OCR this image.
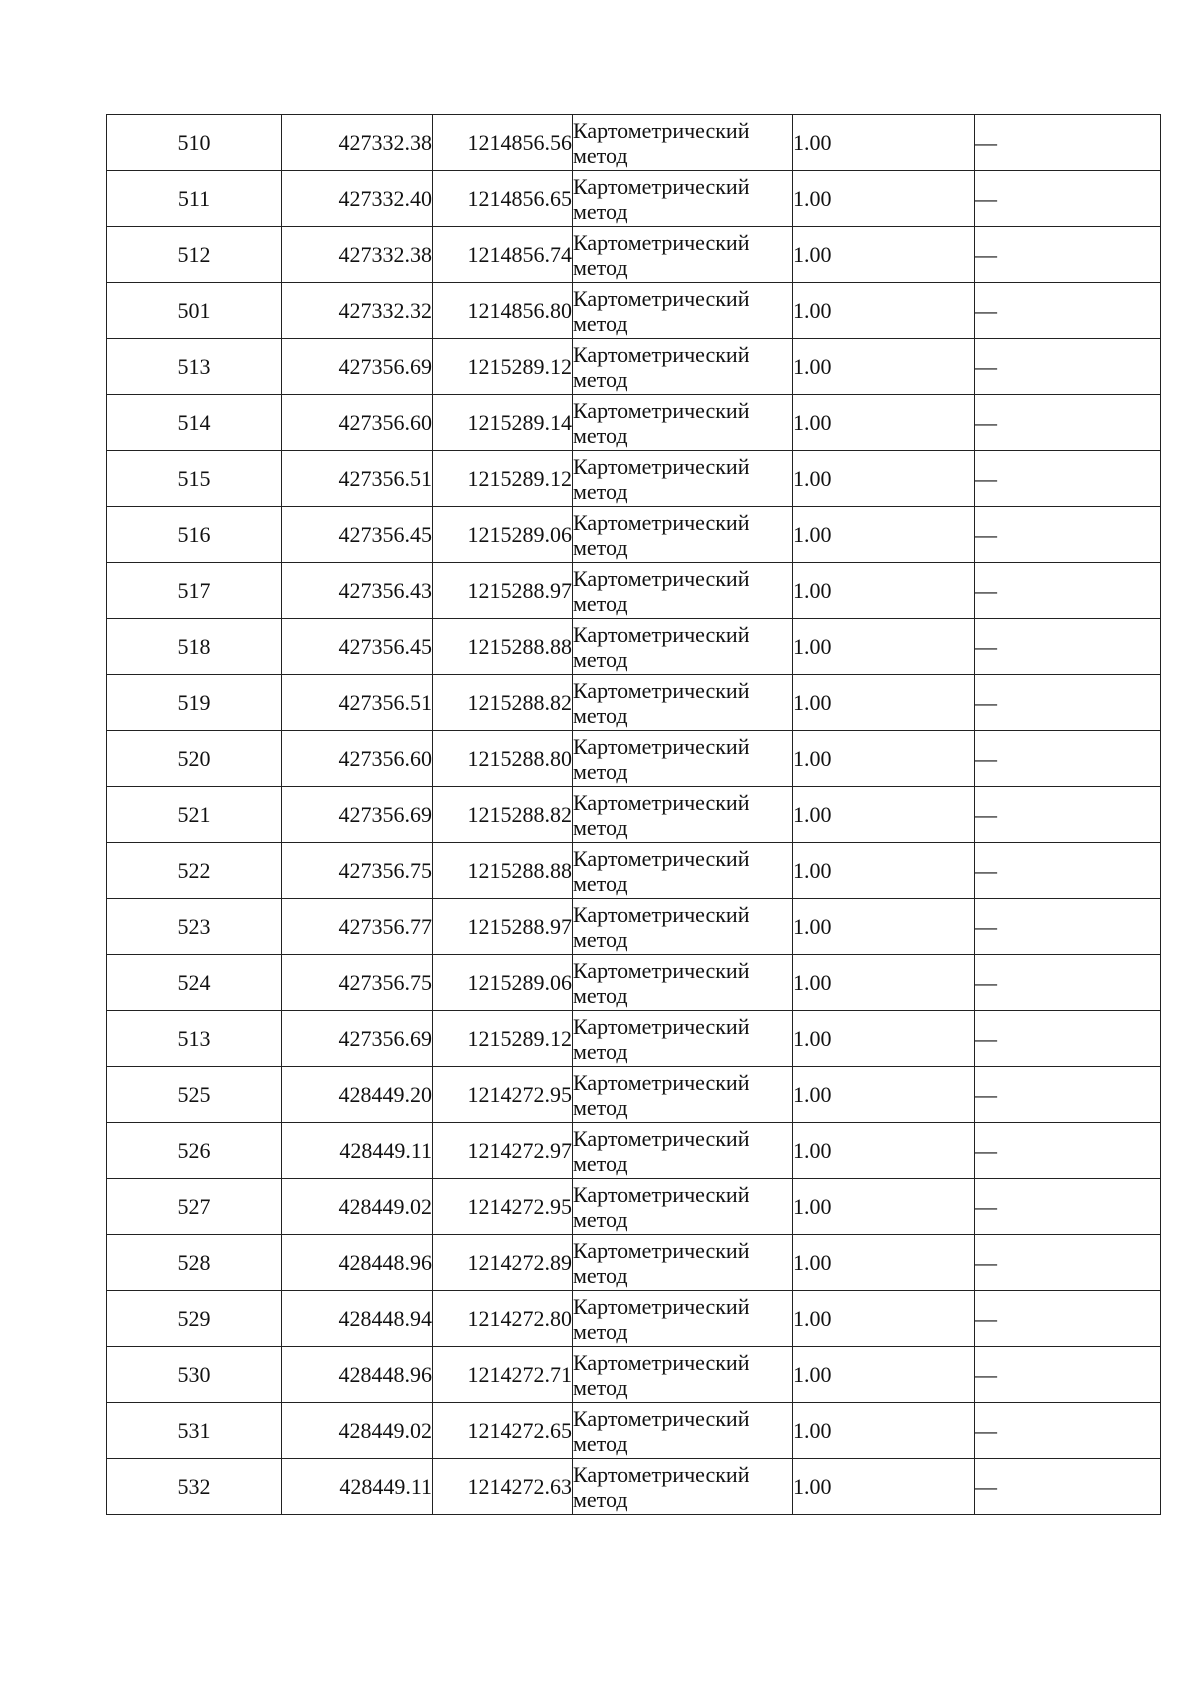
510	427332.38	1214856.56	Картометрический метод	1.00	—
511	427332.40	1214856.65	Картометрический метод	1.00	—
512	427332.38	1214856.74	Картометрический метод	1.00	—
501	427332.32	1214856.80	Картометрический метод	1.00	—
513	427356.69	1215289.12	Картометрический метод	1.00	—
514	427356.60	1215289.14	Картометрический метод	1.00	—
515	427356.51	1215289.12	Картометрический метод	1.00	—
516	427356.45	1215289.06	Картометрический метод	1.00	—
517	427356.43	1215288.97	Картометрический метод	1.00	—
518	427356.45	1215288.88	Картометрический метод	1.00	—
519	427356.51	1215288.82	Картометрический метод	1.00	—
520	427356.60	1215288.80	Картометрический метод	1.00	—
521	427356.69	1215288.82	Картометрический метод	1.00	—
522	427356.75	1215288.88	Картометрический метод	1.00	—
523	427356.77	1215288.97	Картометрический метод	1.00	—
524	427356.75	1215289.06	Картометрический метод	1.00	—
513	427356.69	1215289.12	Картометрический метод	1.00	—
525	428449.20	1214272.95	Картометрический метод	1.00	—
526	428449.11	1214272.97	Картометрический метод	1.00	—
527	428449.02	1214272.95	Картометрический метод	1.00	—
528	428448.96	1214272.89	Картометрический метод	1.00	—
529	428448.94	1214272.80	Картометрический метод	1.00	—
530	428448.96	1214272.71	Картометрический метод	1.00	—
531	428449.02	1214272.65	Картометрический метод	1.00	—
532	428449.11	1214272.63	Картометрический метод	1.00	—
